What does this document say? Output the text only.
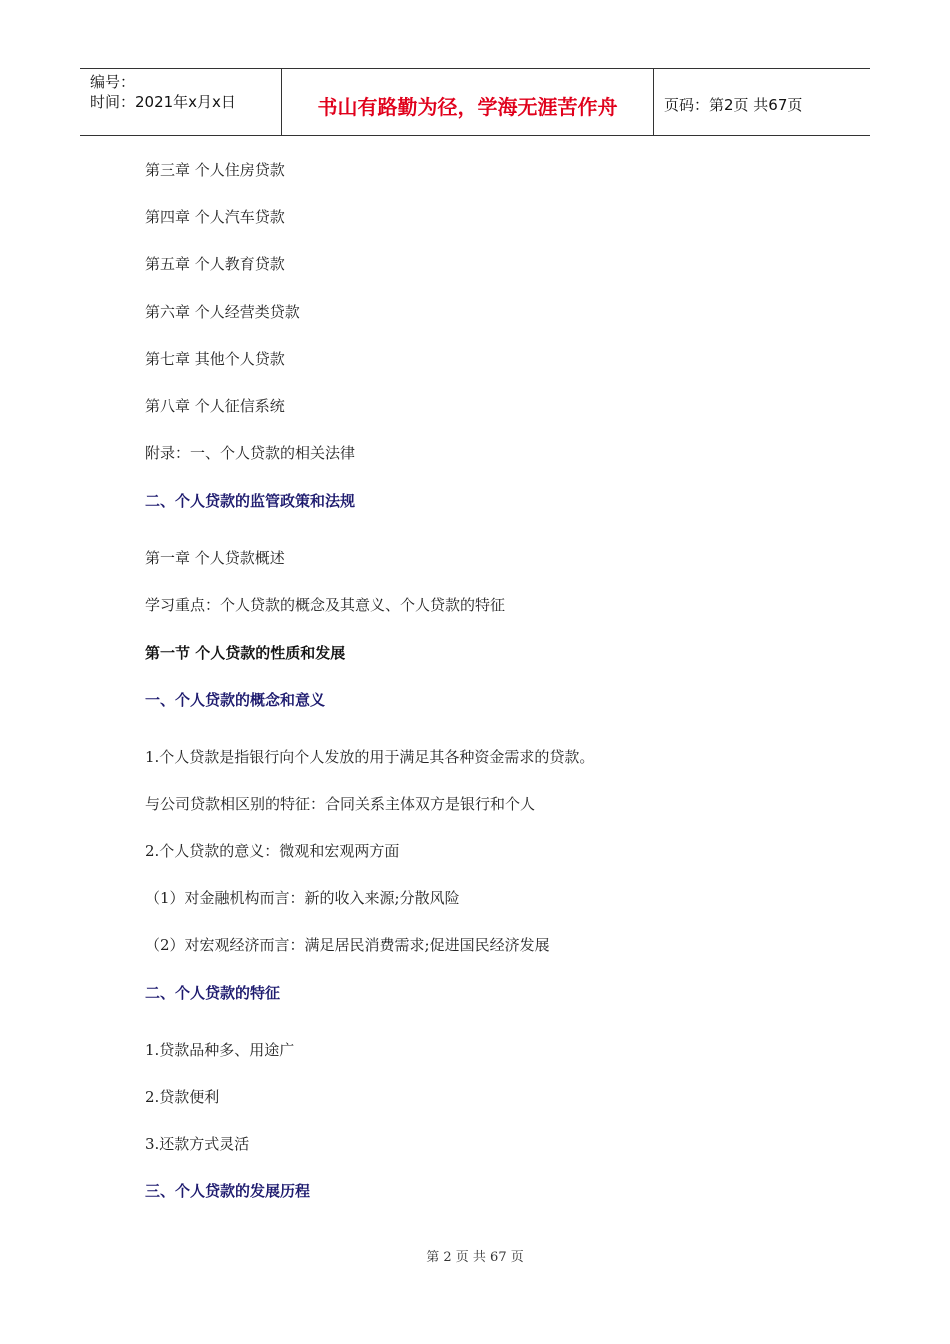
编号：
时间：2021年x月x日	书山有路勤为径，学海无涯苦作舟	页码：第2页 共67页
第三章 个人住房贷款
第四章 个人汽车贷款
第五章 个人教育贷款
第六章 个人经营类贷款
第七章 其他个人贷款
第八章 个人征信系统
附录：一、个人贷款的相关法律
二、个人贷款的监管政策和法规
第一章 个人贷款概述
学习重点：个人贷款的概念及其意义、个人贷款的特征
第一节 个人贷款的性质和发展
一、个人贷款的概念和意义
1.个人贷款是指银行向个人发放的用于满足其各种资金需求的贷款。
与公司贷款相区别的特征：合同关系主体双方是银行和个人
2.个人贷款的意义：微观和宏观两方面
（1）对金融机构而言：新的收入来源;分散风险
（2）对宏观经济而言：满足居民消费需求;促进国民经济发展
二、个人贷款的特征
1.贷款品种多、用途广
2.贷款便利
3.还款方式灵活
三、个人贷款的发展历程
第 2 页 共 67 页
